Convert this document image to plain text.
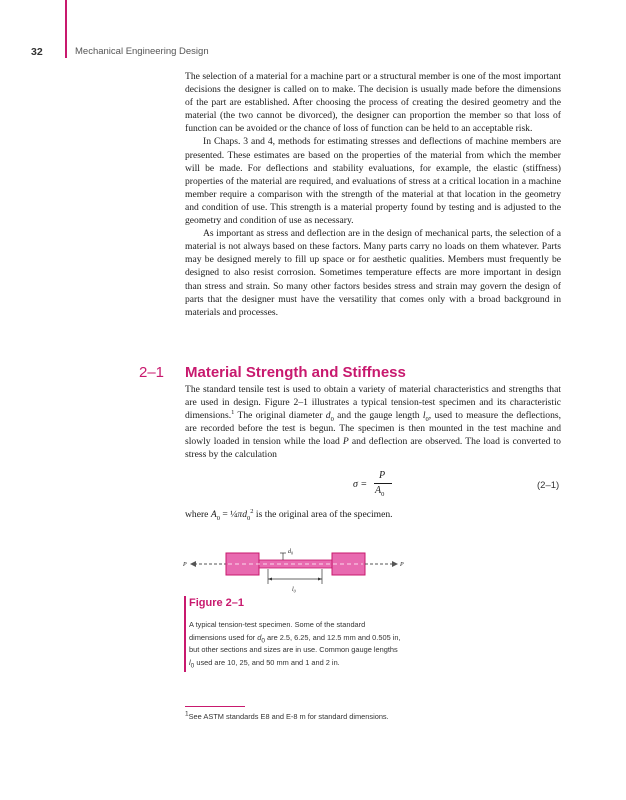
32	Mechanical Engineering Design

The selection of a material for a machine part or a structural member is one of the most important decisions the designer is called on to make. The decision is usually made before the dimensions of the part are established. After choosing the process of creating the desired geometry and the material (the two cannot be divorced), the designer can proportion the member so that loss of function can be avoided or the chance of loss of function can be held to an acceptable risk.

In Chaps. 3 and 4, methods for estimating stresses and deflections of machine members are presented. These estimates are based on the properties of the material from which the member will be made. For deflections and stability evaluations, for example, the elastic (stiffness) properties of the material are required, and evaluations of stress at a critical location in a machine member require a comparison with the strength of the material at that location in the geometry and condition of use. This strength is a material property found by testing and is adjusted to the geometry and condition of use as necessary.

As important as stress and deflection are in the design of mechanical parts, the selection of a material is not always based on these factors. Many parts carry no loads on them whatever. Parts may be designed merely to fill up space or for aesthetic qualities. Members must frequently be designed to also resist corrosion. Sometimes temperature effects are more important in design than stress and strain. So many other factors besides stress and strain may govern the design of parts that the designer must have the versatility that comes only with a broad background in materials and processes.

2–1 Material Strength and Stiffness

The standard tensile test is used to obtain a variety of material characteristics and strengths that are used in design. Figure 2–1 illustrates a typical tension-test specimen and its characteristic dimensions.$^1$ The original diameter $d_0$ and the gauge length $l_0$, used to measure the deflections, are recorded before the test is begun. The specimen is then mounted in the test machine and slowly loaded in tension while the load P and deflection are observed. The load is converted to stress by the calculation

σ =
P
$A_0$
(2–1)
where $A_0$ = $\frac{1}{4}\pi d_0^2$ is the original area of the specimen.
P	P
$d_0$
$l_0$
Figure 2–1
A typical tension-test specimen. Some of the standard dimensions used for $d_0$ are 2.5, 6.25, and 12.5 mm and 0.505 in, but other sections and sizes are in use. Common gauge lengths $l_0$ used are 10, 25, and 50 mm and 1 and 2 in.
$^1$See ASTM standards E8 and E-8 m for standard dimensions.
